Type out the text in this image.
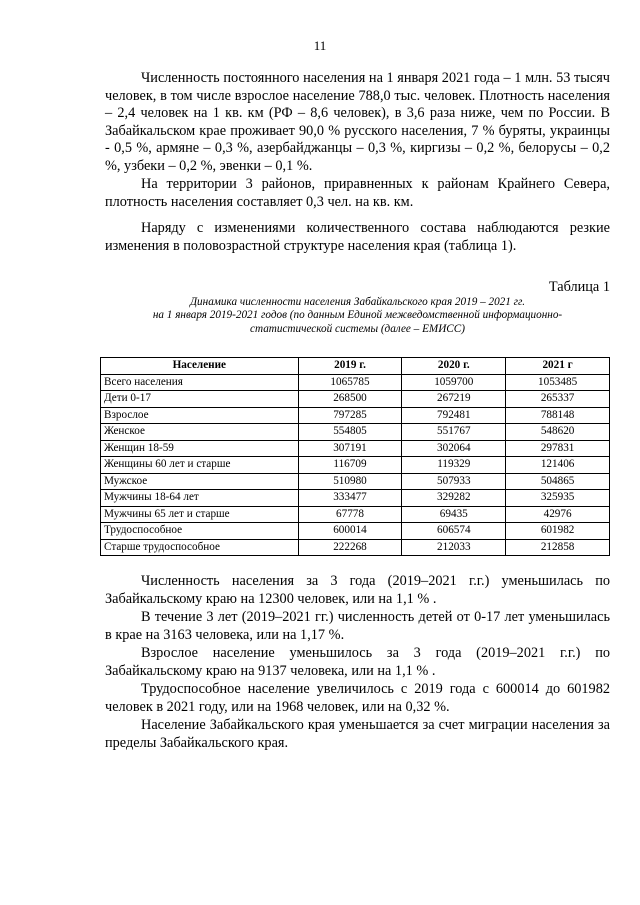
11

Численность постоянного населения на 1 января 2021 года – 1 млн. 53 тысяч человек, в том числе взрослое население 788,0 тыс. человек. Плотность населения – 2,4 человек на 1 кв. км (РФ – 8,6 человек), в 3,6 раза ниже, чем по России. В Забайкальском крае проживает 90,0 % русского населения, 7 % буряты, украинцы - 0,5 %, армяне – 0,3 %, азербайджанцы – 0,3 %, киргизы – 0,2 %, белорусы – 0,2 %, узбеки – 0,2 %, эвенки – 0,1 %.

На территории 3 районов, приравненных к районам Крайнего Севера, плотность населения составляет 0,3 чел. на кв. км.

Наряду с изменениями количественного состава наблюдаются резкие изменения в половозрастной структуре населения края (таблица 1).

Таблица 1
Динамика численности населения Забайкальского края 2019 – 2021 гг.
на 1 января 2019-2021 годов (по данным Единой межведомственной информационно-
статистической системы (далее – ЕМИСС)
Население	2019 г.	2020 г.	2021 г
Всего населения	1065785	1059700	1053485
Дети 0-17	268500	267219	265337
Взрослое	797285	792481	788148
Женское	554805	551767	548620
Женщин 18-59	307191	302064	297831
Женщины 60 лет и старше	116709	119329	121406
Мужское	510980	507933	504865
Мужчины 18-64 лет	333477	329282	325935
Мужчины 65 лет и старше	67778	69435	42976
Трудоспособное	600014	606574	601982
Старше трудоспособное	222268	212033	212858

Численность населения за 3 года (2019–2021 г.г.) уменьшилась по Забайкальскому краю на 12300 человек, или на 1,1 % .

В течение 3 лет (2019–2021 гг.) численность детей от 0-17 лет уменьшилась в крае на 3163 человека, или на 1,17 %.

Взрослое население уменьшилось за 3 года (2019–2021 г.г.) по Забайкальскому краю на 9137 человека, или на 1,1 % .

Трудоспособное население увеличилось с 2019 года с 600014 до 601982 человек в 2021 году, или на 1968 человек, или на 0,32 %.

Население Забайкальского края уменьшается за счет миграции населения за пределы Забайкальского края.
